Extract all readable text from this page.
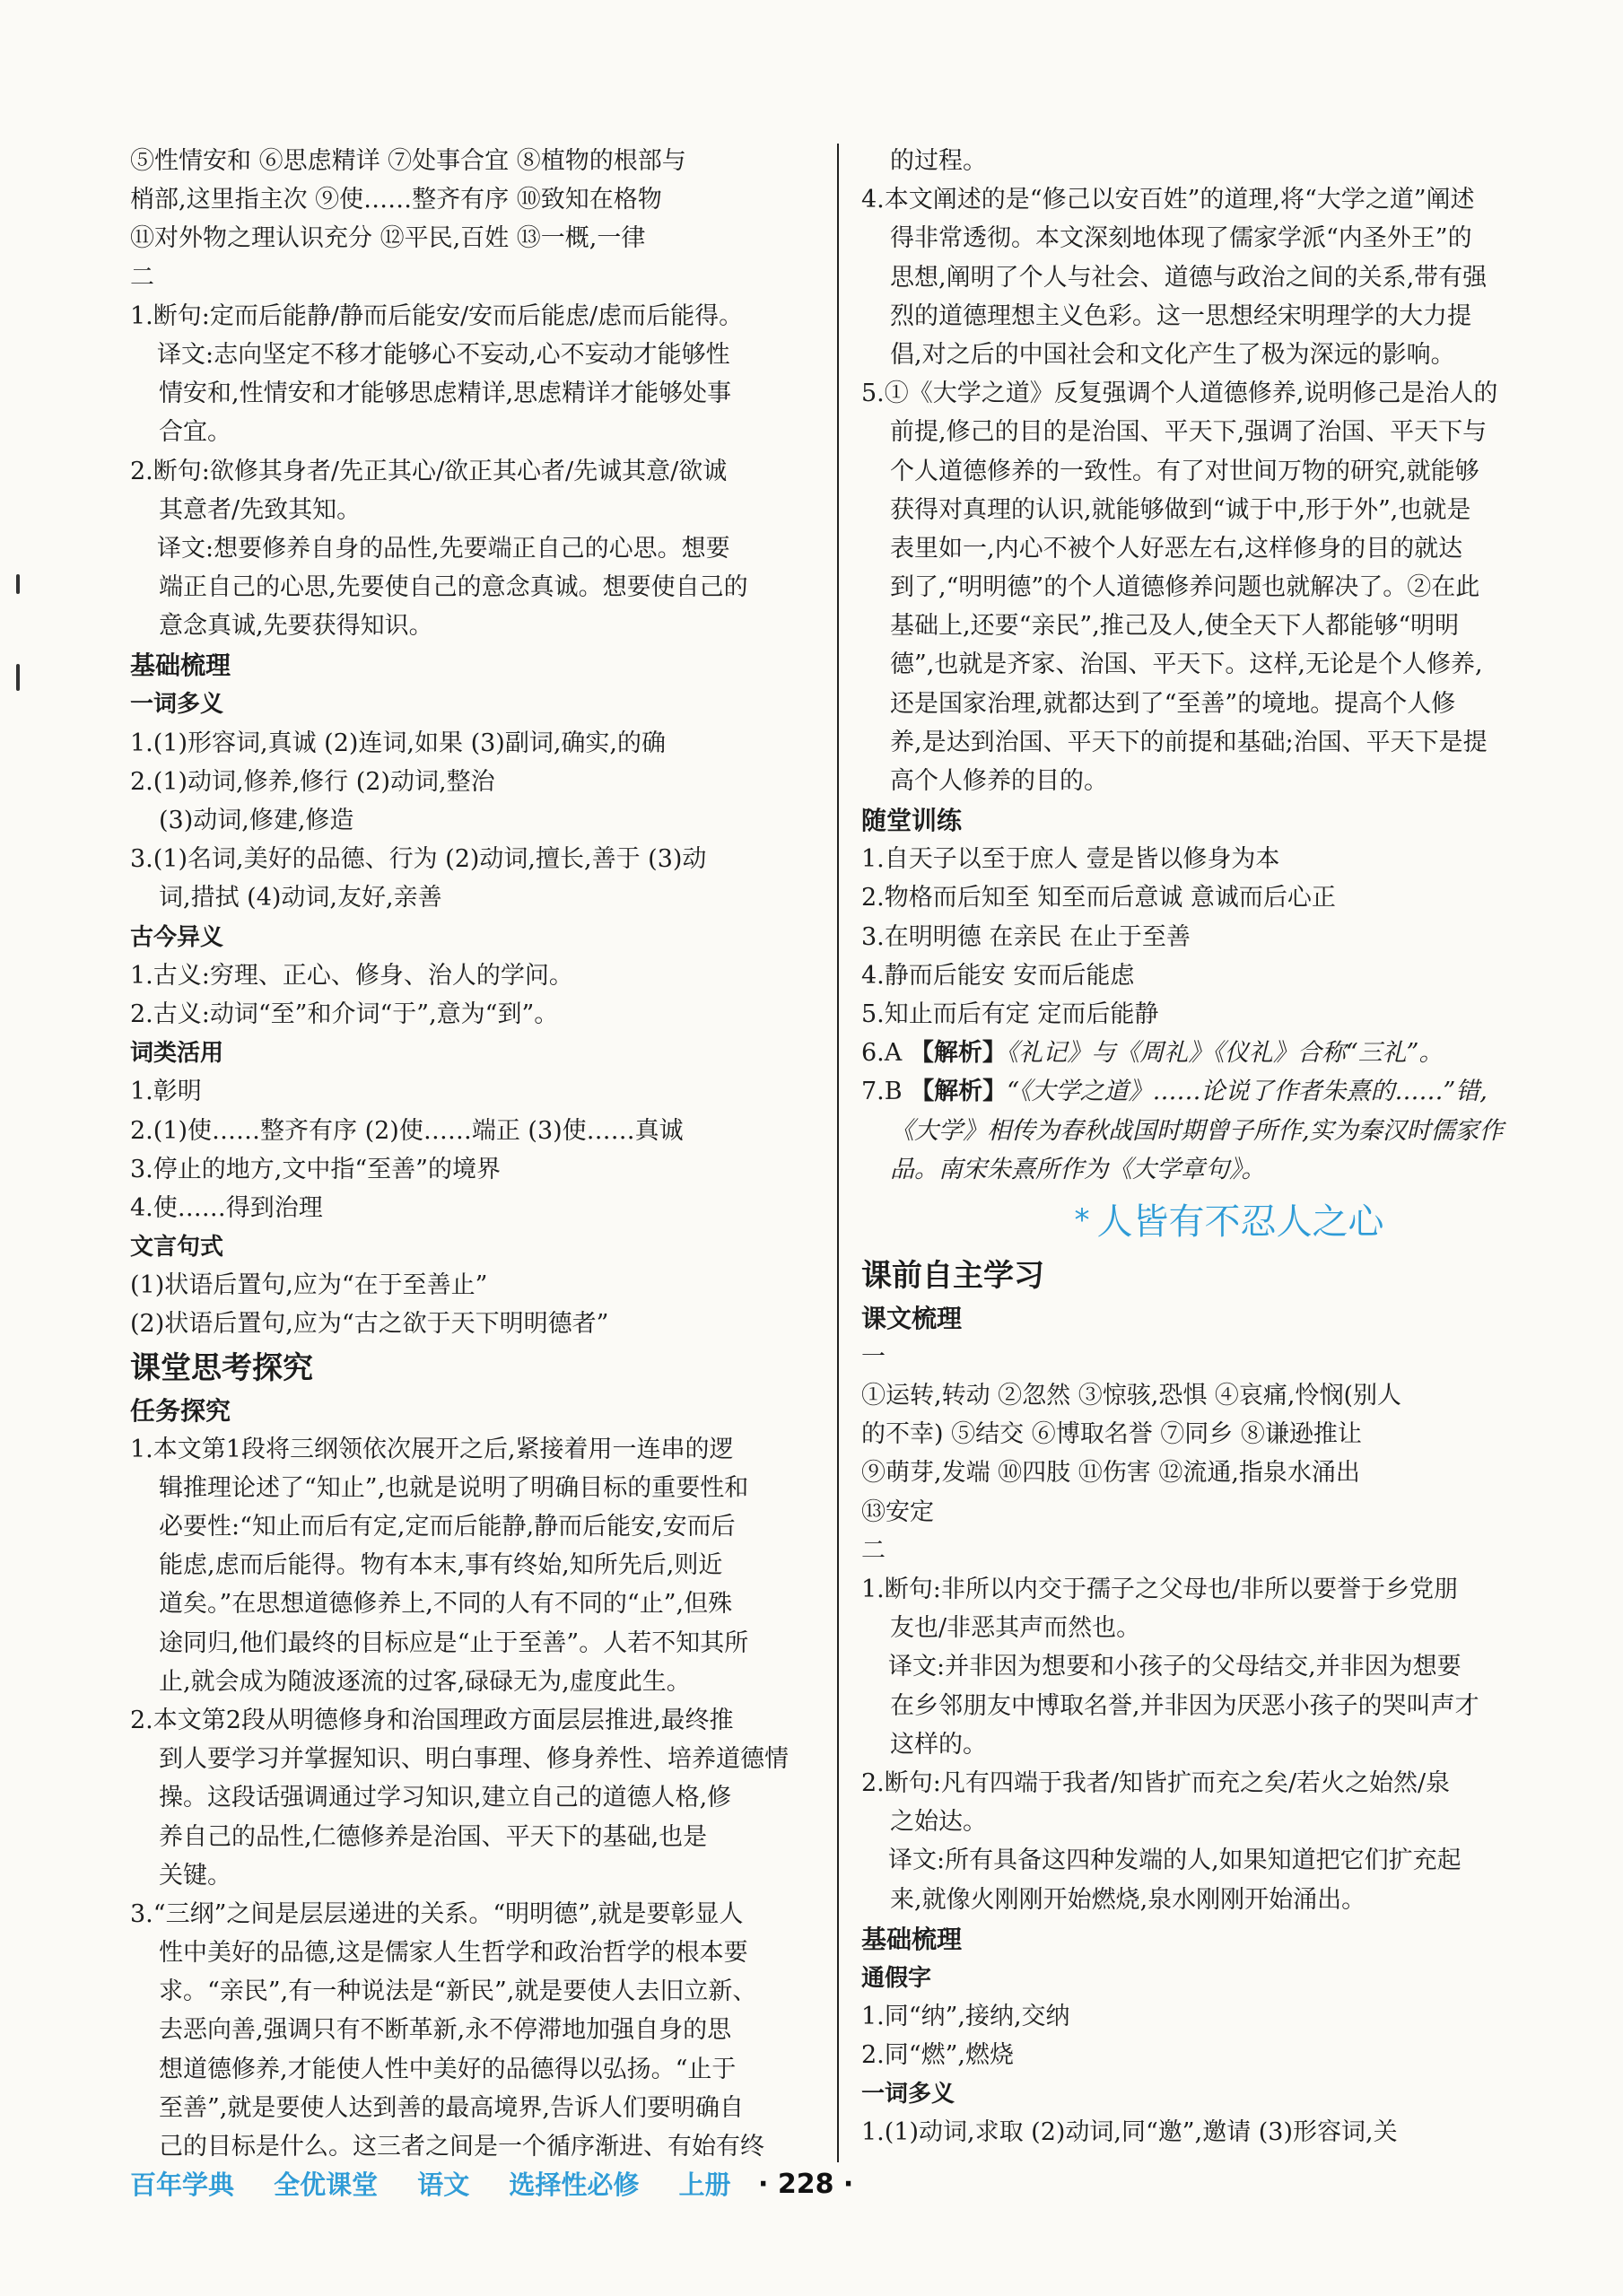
⑤性情安和 ⑥思虑精详 ⑦处事合宜 ⑧植物的根部与
梢部,这里指主次 ⑨使……整齐有序 ⑩致知在格物
⑪对外物之理认识充分 ⑫平民,百姓 ⑬一概,一律
二
1.断句:定而后能静/静而后能安/安而后能虑/虑而后能得。
译文:志向坚定不移才能够心不妄动,心不妄动才能够性
情安和,性情安和才能够思虑精详,思虑精详才能够处事
合宜。
2.断句:欲修其身者/先正其心/欲正其心者/先诚其意/欲诚
其意者/先致其知。
译文:想要修养自身的品性,先要端正自己的心思。想要
端正自己的心思,先要使自己的意念真诚。想要使自己的
意念真诚,先要获得知识。
基础梳理
一词多义
1.(1)形容词,真诚 (2)连词,如果 (3)副词,确实,的确
2.(1)动词,修养,修行 (2)动词,整治
(3)动词,修建,修造
3.(1)名词,美好的品德、行为 (2)动词,擅长,善于 (3)动
词,措拭 (4)动词,友好,亲善
古今异义
1.古义:穷理、正心、修身、治人的学问。
2.古义:动词“至”和介词“于”,意为“到”。
词类活用
1.彰明
2.(1)使……整齐有序 (2)使……端正 (3)使……真诚
3.停止的地方,文中指“至善”的境界
4.使……得到治理
文言句式
(1)状语后置句,应为“在于至善止”
(2)状语后置句,应为“古之欲于天下明明德者”
课堂思考探究
任务探究
1.本文第1段将三纲领依次展开之后,紧接着用一连串的逻
辑推理论述了“知止”,也就是说明了明确目标的重要性和
必要性:“知止而后有定,定而后能静,静而后能安,安而后
能虑,虑而后能得。物有本末,事有终始,知所先后,则近
道矣。”在思想道德修养上,不同的人有不同的“止”,但殊
途同归,他们最终的目标应是“止于至善”。人若不知其所
止,就会成为随波逐流的过客,碌碌无为,虚度此生。
2.本文第2段从明德修身和治国理政方面层层推进,最终推
到人要学习并掌握知识、明白事理、修身养性、培养道德情
操。这段话强调通过学习知识,建立自己的道德人格,修
养自己的品性,仁德修养是治国、平天下的基础,也是
关键。
3.“三纲”之间是层层递进的关系。“明明德”,就是要彰显人
性中美好的品德,这是儒家人生哲学和政治哲学的根本要
求。“亲民”,有一种说法是“新民”,就是要使人去旧立新、
去恶向善,强调只有不断革新,永不停滞地加强自身的思
想道德修养,才能使人性中美好的品德得以弘扬。“止于
至善”,就是要使人达到善的最高境界,告诉人们要明确自
己的目标是什么。这三者之间是一个循序渐进、有始有终
的过程。
4.本文阐述的是“修己以安百姓”的道理,将“大学之道”阐述
得非常透彻。本文深刻地体现了儒家学派“内圣外王”的
思想,阐明了个人与社会、道德与政治之间的关系,带有强
烈的道德理想主义色彩。这一思想经宋明理学的大力提
倡,对之后的中国社会和文化产生了极为深远的影响。
5.①《大学之道》反复强调个人道德修养,说明修己是治人的
前提,修己的目的是治国、平天下,强调了治国、平天下与
个人道德修养的一致性。有了对世间万物的研究,就能够
获得对真理的认识,就能够做到“诚于中,形于外”,也就是
表里如一,内心不被个人好恶左右,这样修身的目的就达
到了,“明明德”的个人道德修养问题也就解决了。②在此
基础上,还要“亲民”,推己及人,使全天下人都能够“明明
德”,也就是齐家、治国、平天下。这样,无论是个人修养,
还是国家治理,就都达到了“至善”的境地。提高个人修
养,是达到治国、平天下的前提和基础;治国、平天下是提
高个人修养的目的。
随堂训练
1.自天子以至于庶人 壹是皆以修身为本
2.物格而后知至 知至而后意诚 意诚而后心正
3.在明明德 在亲民 在止于至善
4.静而后能安 安而后能虑
5.知止而后有定 定而后能静
6.A 【解析】《礼记》与《周礼》《仪礼》合称“三礼”。
7.B 【解析】“《大学之道》……论说了作者朱熹的……”错,
《大学》相传为春秋战国时期曾子所作,实为秦汉时儒家作
品。南宋朱熹所作为《大学章句》。
* 人皆有不忍人之心
课前自主学习
课文梳理
一
①运转,转动 ②忽然 ③惊骇,恐惧 ④哀痛,怜悯(别人
的不幸) ⑤结交 ⑥博取名誉 ⑦同乡 ⑧谦逊推让
⑨萌芽,发端 ⑩四肢 ⑪伤害 ⑫流通,指泉水涌出
⑬安定
二
1.断句:非所以内交于孺子之父母也/非所以要誉于乡党朋
友也/非恶其声而然也。
译文:并非因为想要和小孩子的父母结交,并非因为想要
在乡邻朋友中博取名誉,并非因为厌恶小孩子的哭叫声才
这样的。
2.断句:凡有四端于我者/知皆扩而充之矣/若火之始然/泉
之始达。
译文:所有具备这四种发端的人,如果知道把它们扩充起
来,就像火刚刚开始燃烧,泉水刚刚开始涌出。
基础梳理
通假字
1.同“纳”,接纳,交纳
2.同“燃”,燃烧
一词多义
1.(1)动词,求取 (2)动词,同“邀”,邀请 (3)形容词,关
百年学典 全优课堂 语文 选择性必修 上册	· 228 ·
